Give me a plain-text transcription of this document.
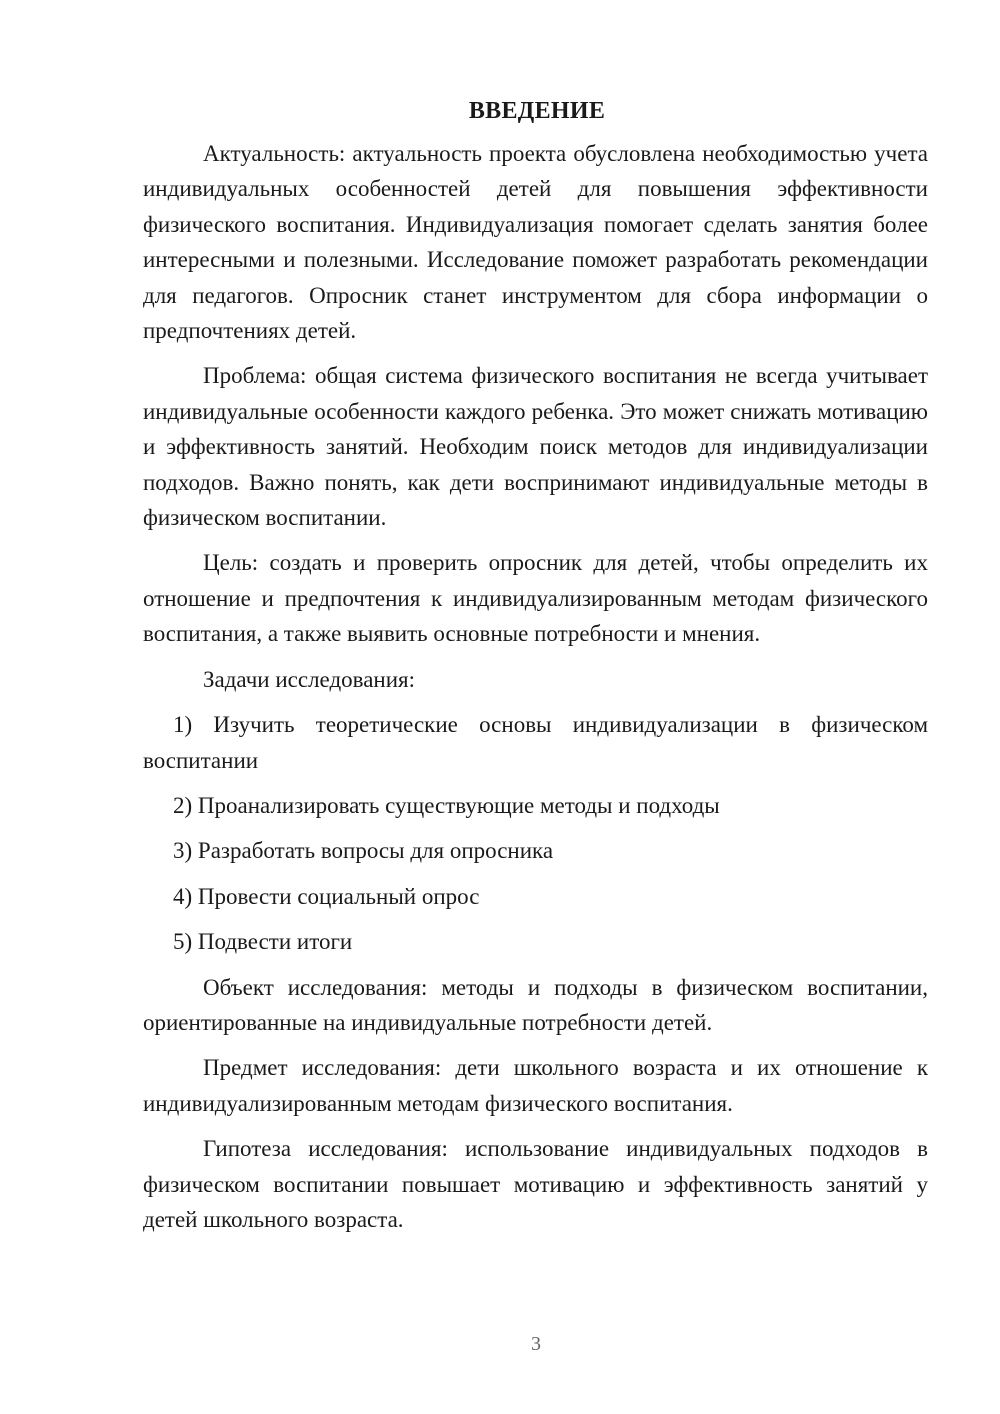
ВВЕДЕНИЕ

Актуальность: актуальность проекта обусловлена необходимостью учета индивидуальных особенностей детей для повышения эффективности физического воспитания. Индивидуализация помогает сделать занятия более интересными и полезными. Исследование поможет разработать рекомендации для педагогов. Опросник станет инструментом для сбора информации о предпочтениях детей.

Проблема: общая система физического воспитания не всегда учитывает индивидуальные особенности каждого ребенка. Это может снижать мотивацию и эффективность занятий. Необходим поиск методов для индивидуализации подходов. Важно понять, как дети воспринимают индивидуальные методы в физическом воспитании.

Цель: создать и проверить опросник для детей, чтобы определить их отношение и предпочтения к индивидуализированным методам физического воспитания, а также выявить основные потребности и мнения.

Задачи исследования:

1) Изучить теоретические основы индивидуализации в физическом воспитании

2) Проанализировать существующие методы и подходы

3) Разработать вопросы для опросника

4) Провести социальный опрос

5) Подвести итоги

Объект исследования: методы и подходы в физическом воспитании, ориентированные на индивидуальные потребности детей.

Предмет исследования: дети школьного возраста и их отношение к индивидуализированным методам физического воспитания.

Гипотеза исследования: использование индивидуальных подходов в физическом воспитании повышает мотивацию и эффективность занятий у детей школьного возраста.

3
